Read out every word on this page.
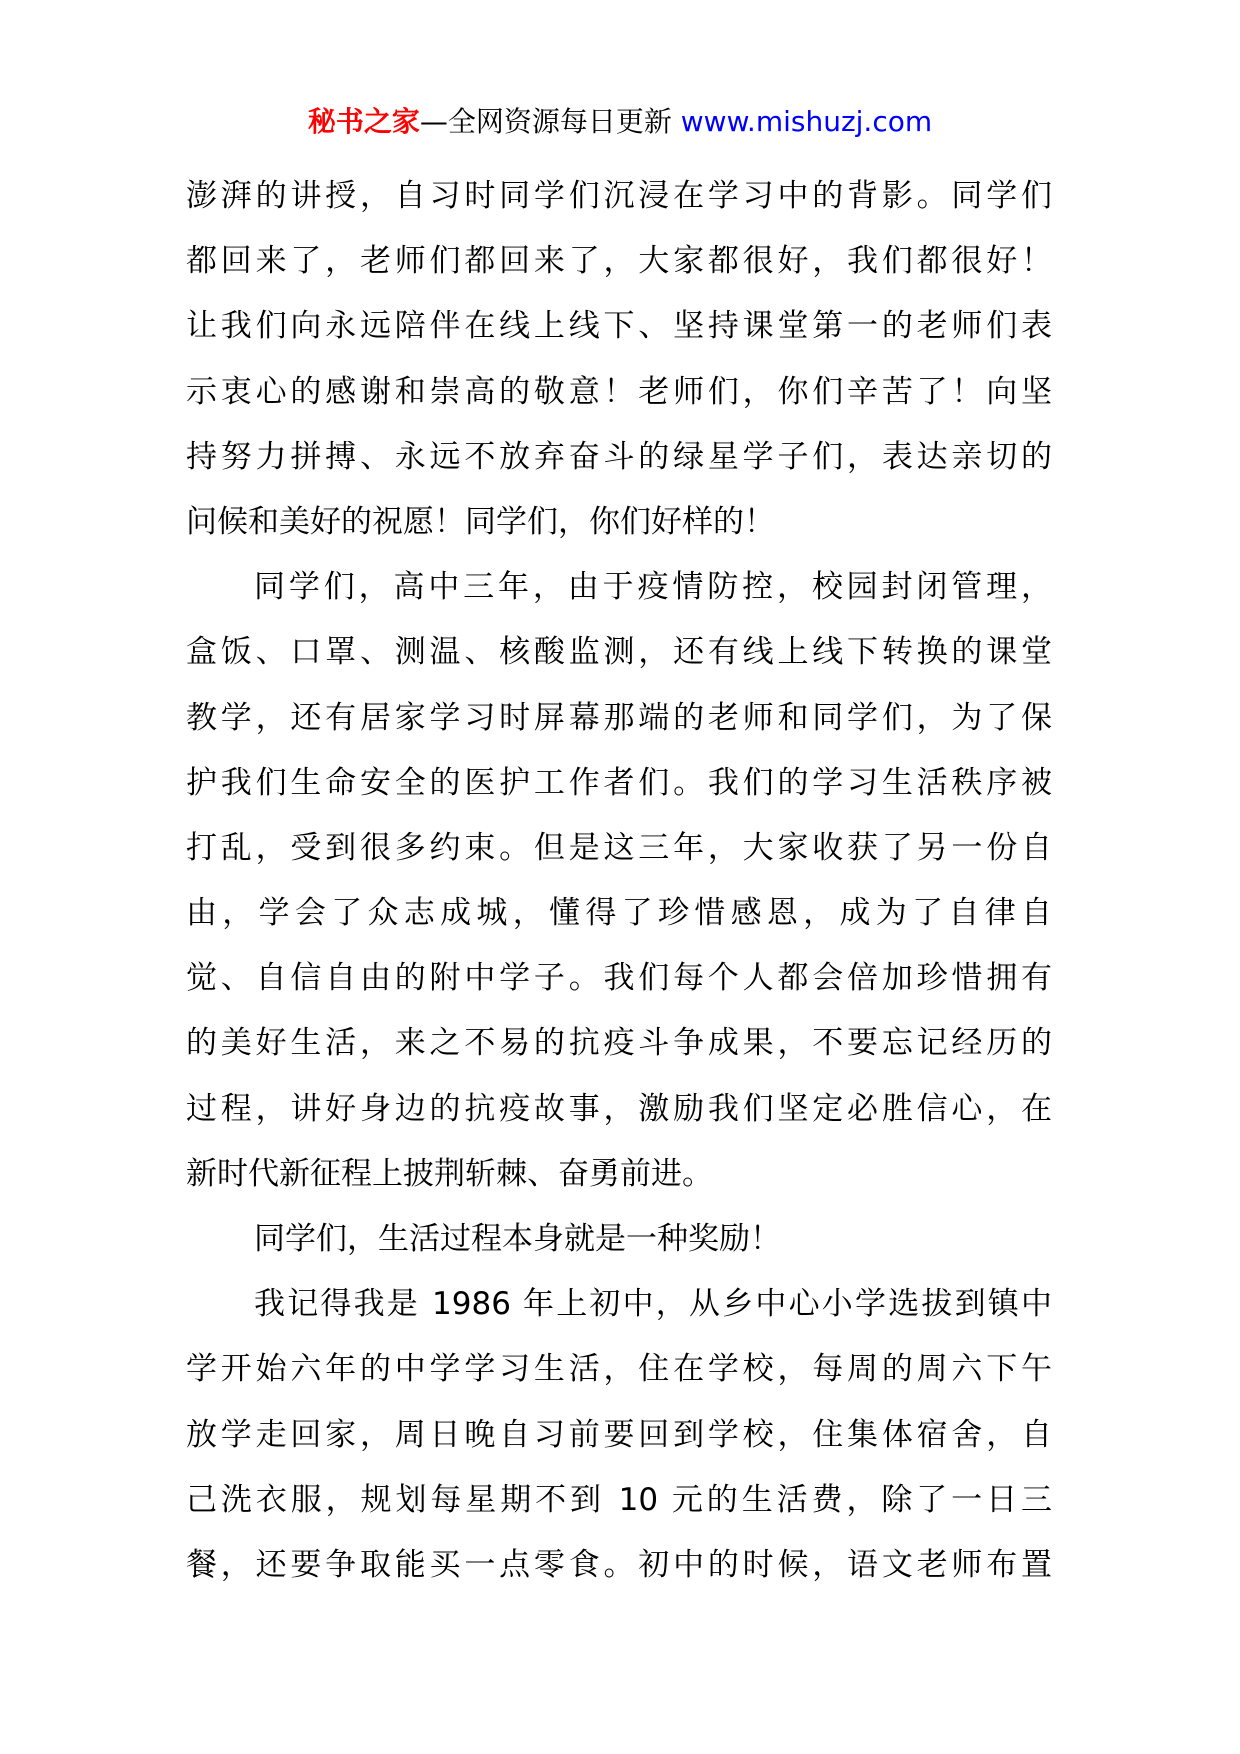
秘书之家—全网资源每日更新 www.mishuzj.com
澎湃的讲授，自习时同学们沉浸在学习中的背影。同学们
都回来了，老师们都回来了，大家都很好，我们都很好！
让我们向永远陪伴在线上线下、坚持课堂第一的老师们表
示衷心的感谢和崇高的敬意！老师们，你们辛苦了！向坚
持努力拼搏、永远不放弃奋斗的绿星学子们，表达亲切的
问候和美好的祝愿！同学们，你们好样的！
同学们，高中三年，由于疫情防控，校园封闭管理，
盒饭、口罩、测温、核酸监测，还有线上线下转换的课堂
教学，还有居家学习时屏幕那端的老师和同学们，为了保
护我们生命安全的医护工作者们。我们的学习生活秩序被
打乱，受到很多约束。但是这三年，大家收获了另一份自
由，学会了众志成城，懂得了珍惜感恩，成为了自律自
觉、自信自由的附中学子。我们每个人都会倍加珍惜拥有
的美好生活，来之不易的抗疫斗争成果，不要忘记经历的
过程，讲好身边的抗疫故事，激励我们坚定必胜信心，在
新时代新征程上披荆斩棘、奋勇前进。
同学们，生活过程本身就是一种奖励！
我记得我是 1986 年上初中，从乡中心小学选拔到镇中
学开始六年的中学学习生活，住在学校，每周的周六下午
放学走回家，周日晚自习前要回到学校，住集体宿舍，自
己洗衣服，规划每星期不到 10 元的生活费，除了一日三
餐，还要争取能买一点零食。初中的时候，语文老师布置
